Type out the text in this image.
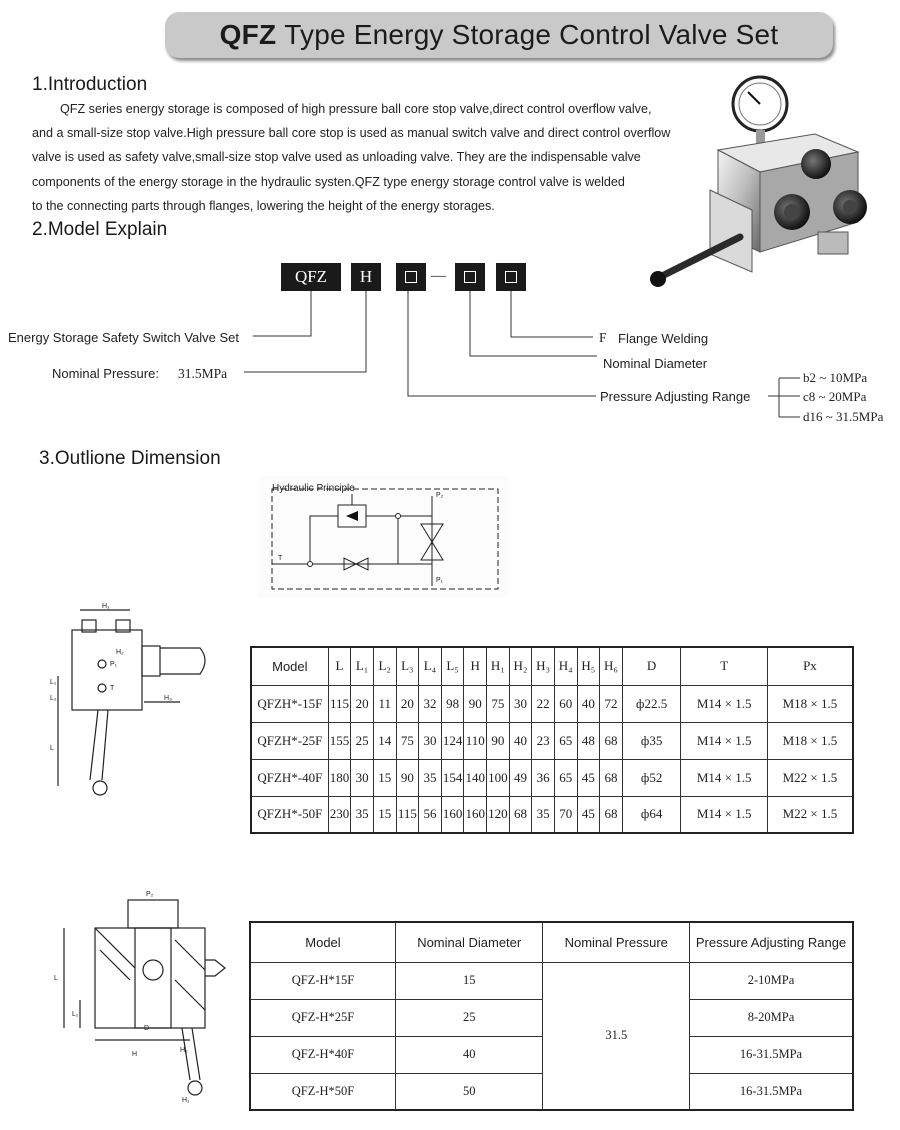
QFZ Type Energy Storage Control Valve Set
1.Introduction

QFZ series energy storage is composed of high pressure ball core stop valve,direct control overflow valve,

and a small-size stop valve.High pressure ball core stop is used as manual switch valve and direct control overflow

valve is used as safety valve,small-size stop valve used as unloading valve. They are the indispensable valve

components of the energy storage in the hydraulic systen.QFZ type energy storage control valve is welded

to the connecting parts through flanges, lowering the height of the energy storages.

2.Model Explain
QFZ H	—
Energy Storage Safety Switch Valve Set
Nominal Pressure: 31.5MPa
F Flange Welding
Nominal Diameter
Pressure Adjusting Range
b2 ~ 10MPa
c8 ~ 20MPa
d16 ~ 31.5MPa
3.Outlione Dimension
Hydraulic Principle
P₂
P₁
T
H₁
H₂
P₁
T
L₁
L₂
L
H₃
P₂
L
L₁
D
H
H₂
H₁
Model	L	L₁	L₂	L₃	L₄	L₅	H	H₁	H₂	H₃	H₄	H₅	H₆	D	T	Px
QFZH*-15F	115	20	11	20	32	98	90	75	30	22	60	40	72	ф22.5	M14 × 1.5	M18 × 1.5
QFZH*-25F	155	25	14	75	30	124	110	90	40	23	65	48	68	ф35	M14 × 1.5	M18 × 1.5
QFZH*-40F	180	30	15	90	35	154	140	100	49	36	65	45	68	ф52	M14 × 1.5	M22 × 1.5
QFZH*-50F	230	35	15	115	56	160	160	120	68	35	70	45	68	ф64	M14 × 1.5	M22 × 1.5
Model	Nominal Diameter	Nominal Pressure	Pressure Adjusting Range
QFZ-H*15F	15	31.5	2-10MPa
QFZ-H*25F	25		8-20MPa
QFZ-H*40F	40		16-31.5MPa
QFZ-H*50F	50		16-31.5MPa
